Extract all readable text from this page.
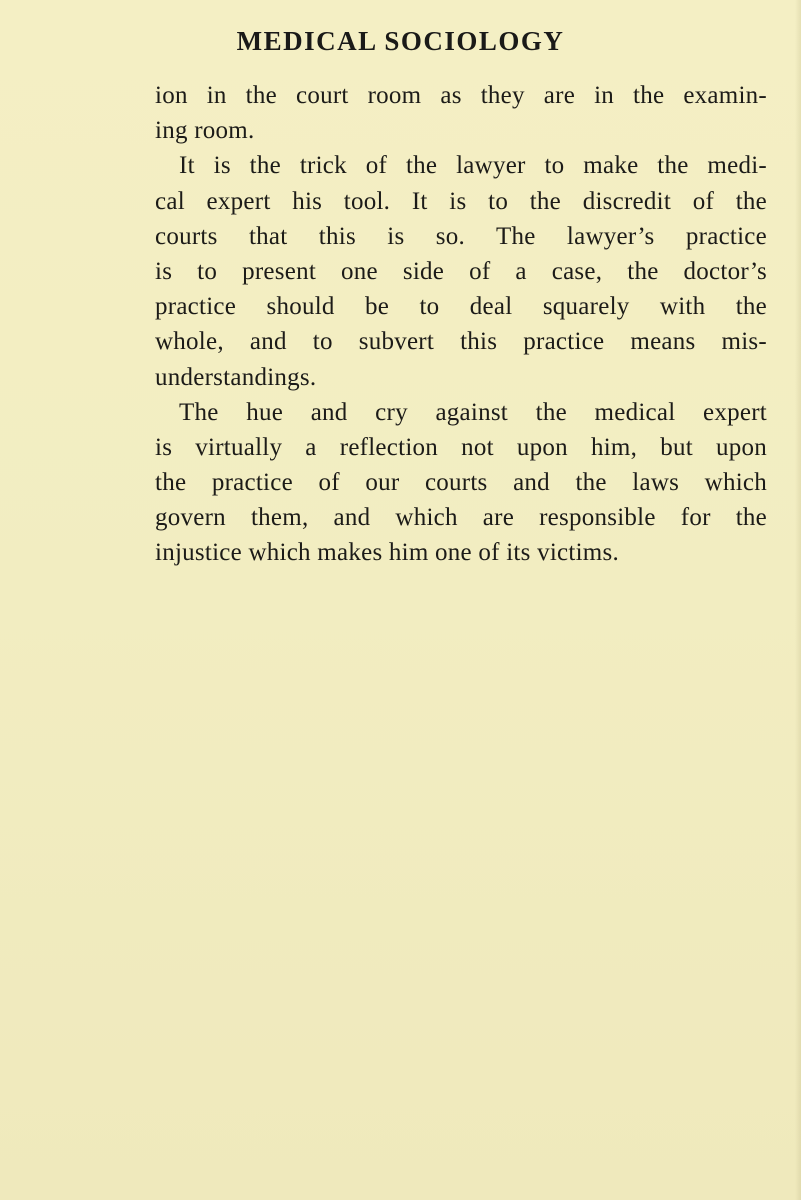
MEDICAL SOCIOLOGY

ion in the court room as they are in the examin-
ing room.

It is the trick of the lawyer to make the medi-
cal expert his tool. It is to the discredit of the
courts that this is so. The lawyer’s practice
is to present one side of a case, the doctor’s
practice should be to deal squarely with the
whole, and to subvert this practice means mis-
understandings.

The hue and cry against the medical expert
is virtually a reflection not upon him, but upon
the practice of our courts and the laws which
govern them, and which are responsible for the
injustice which makes him one of its victims.
